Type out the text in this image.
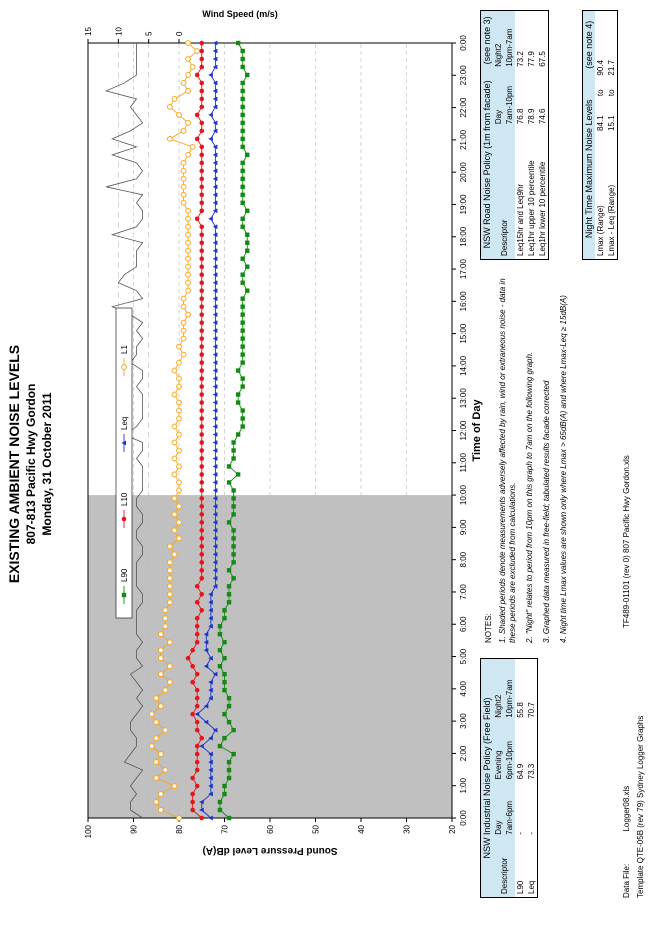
EXISTING AMBIENT NOISE LEVELS 807-813 Pacific Hwy Gordon Monday, 31 October 2011
20
30
40
50
60
70
80
90
100
15	10	5	0
0:00
1:00
2:00
3:00
4:00
5:00
6:00
7:00
8:00
9:00
10:00
11:00
12:00
13:00
14:00
15:00
16:00
17:00
18:00
19:00
20:00
21:00
22:00
23:00
0:00
Time of Day
Sound Pressure Level dB(A)
Wind Speed (m/s)
L90
L10
Leq
L1
NSW Industrial Noise Policy (Free Field)			
Descriptor	Day	Evening	Night2
	7am-6pm	6pm-10pm	10pm-7am
L90	-	64.9	55.8
Leq	-	73.3	70.7

NOTES: 1. Shaded periods denote measurements adversely affected by rain, wind or extraneous noise - data in these periods are excluded from calculations. 2. "Night" relates to period from 10pm on this graph to 7am on the following graph. 3. Graphed data measured in free-field; tabulated results facade corrected 4. Night time Lmax values are shown only where Lmax > 65dB(A) and where Lmax-Leq ≥ 15dB(A)

NSW Road Noise Policy (1m from facade)		(see note 3)
Descriptor	Day	Night2
	7am-10pm	10pm-7am
Leq15hr and Leq9hr	76.8	73.2
Leq1hr upper 10 percentile	78.9	77.9
Leq1hr lower 10 percentile	74.6	67.5
Night Time Maximum Noise Levels			(see note 4)
Lmax (Range)	84.1	to	90.4
Lmax - Leq (Range)	15.1	to	21.7
Data File: Logger08.xls Template QTE-05B (rev 79) Sydney Logger Graphs
TF489-01101 (rev 0) 807 Pacific Hwy Gordon.xls
